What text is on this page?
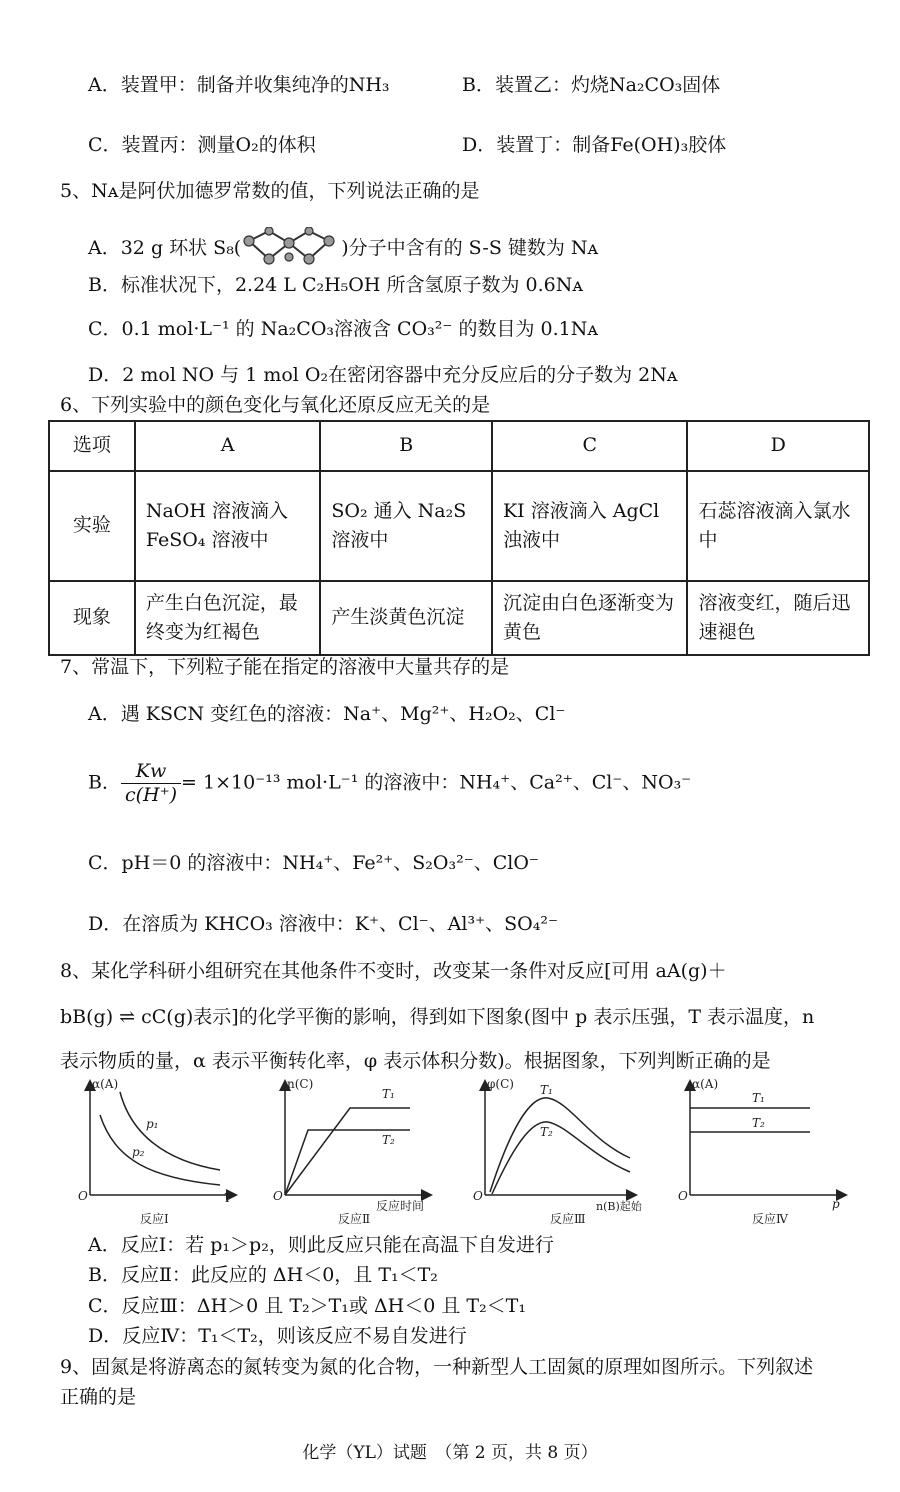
A．装置甲：制备并收集纯净的NH₃	B．装置乙：灼烧Na₂CO₃固体
C．装置丙：测量O₂的体积	D．装置丁：制备Fe(OH)₃胶体
5、Nᴀ是阿伏加德罗常数的值，下列说法正确的是
A．32 g 环状 S₈(	)分子中含有的 S-S 键数为 Nᴀ
B．标准状况下，2.24 L C₂H₅OH 所含氢原子数为 0.6Nᴀ
C．0.1 mol·L⁻¹ 的 Na₂CO₃溶液含 CO₃²⁻ 的数目为 0.1Nᴀ
D．2 mol NO 与 1 mol O₂在密闭容器中充分反应后的分子数为 2Nᴀ
6、下列实验中的颜色变化与氧化还原反应无关的是
选项	A	B	C	D
实验	NaOH 溶液滴入 FeSO₄ 溶液中	SO₂ 通入 Na₂S 溶液中	KI 溶液滴入 AgCl 浊液中	石蕊溶液滴入氯水中
现象	产生白色沉淀，最终变为红褐色	产生淡黄色沉淀	沉淀由白色逐渐变为黄色	溶液变红，随后迅速褪色
7、常温下，下列粒子能在指定的溶液中大量共存的是
A．遇 KSCN 变红色的溶液：Na⁺、Mg²⁺、H₂O₂、Cl⁻
B． $\frac{Kw}{c(H^+)} = 1\times 10^{-13}$ mol·L⁻¹ 的溶液中：NH₄⁺、Ca²⁺、Cl⁻、NO₃⁻
C．pH＝0 的溶液中：NH₄⁺、Fe²⁺、S₂O₃²⁻、ClO⁻
D．在溶质为 KHCO₃ 溶液中：K⁺、Cl⁻、Al³⁺、SO₄²⁻
8、某化学科研小组研究在其他条件不变时，改变某一条件对反应[可用 aA(g)＋
bB(g) ⇌ cC(g)表示]的化学平衡的影响，得到如下图象(图中 p 表示压强，T 表示温度，n
表示物质的量，α 表示平衡转化率，φ 表示体积分数)。根据图象，下列判断正确的是
α(A)
T
O
p₁
p₂
反应Ⅰ
n(C)
反应时间
O
T₁
T₂
反应Ⅱ
φ(C)
n(B)起始
O
T₁
T₂
反应Ⅲ
α(A)
p
O
T₁
T₂
反应Ⅳ
A．反应Ⅰ：若 p₁＞p₂，则此反应只能在高温下自发进行
B．反应Ⅱ：此反应的 ΔH＜0，且 T₁＜T₂
C．反应Ⅲ：ΔH＞0 且 T₂＞T₁或 ΔH＜0 且 T₂＜T₁
D．反应Ⅳ：T₁＜T₂，则该反应不易自发进行
9、固氮是将游离态的氮转变为氮的化合物，一种新型人工固氮的原理如图所示。下列叙述
正确的是
化学（YL）试题　（第 2 页，共 8 页）
